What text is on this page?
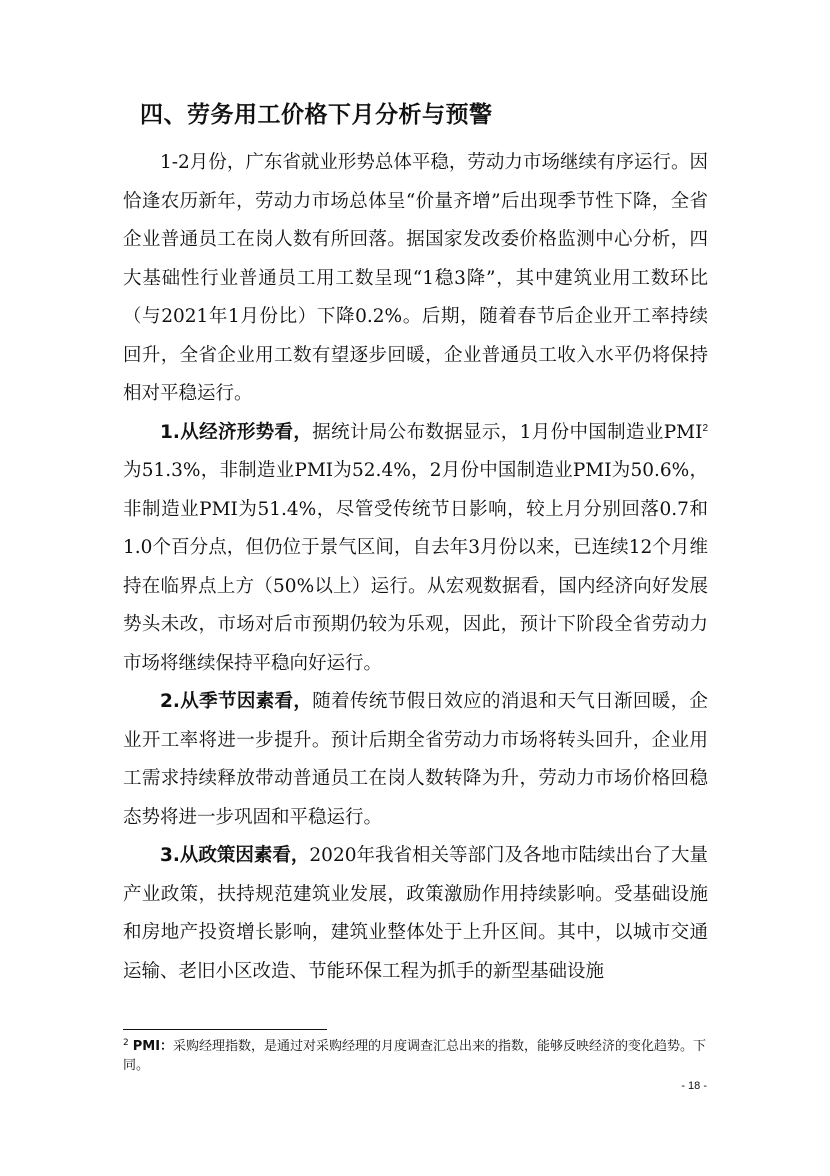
四、劳务用工价格下月分析与预警

1-2月份，广东省就业形势总体平稳，劳动力市场继续有序运行。因恰逢农历新年，劳动力市场总体呈“价量齐增”后出现季节性下降，全省企业普通员工在岗人数有所回落。据国家发改委价格监测中心分析，四大基础性行业普通员工用工数呈现“1稳3降”，其中建筑业用工数环比（与2021年1月份比）下降0.2%。后期，随着春节后企业开工率持续回升，全省企业用工数有望逐步回暖，企业普通员工收入水平仍将保持相对平稳运行。

1.从经济形势看，据统计局公布数据显示，1月份中国制造业PMI$^2$为51.3%，非制造业PMI为52.4%，2月份中国制造业PMI为50.6%，非制造业PMI为51.4%，尽管受传统节日影响，较上月分别回落0.7和1.0个百分点，但仍位于景气区间，自去年3月份以来，已连续12个月维持在临界点上方（50%以上）运行。从宏观数据看，国内经济向好发展势头未改，市场对后市预期仍较为乐观，因此，预计下阶段全省劳动力市场将继续保持平稳向好运行。

2.从季节因素看，随着传统节假日效应的消退和天气日渐回暖，企业开工率将进一步提升。预计后期全省劳动力市场将转头回升，企业用工需求持续释放带动普通员工在岗人数转降为升，劳动力市场价格回稳态势将进一步巩固和平稳运行。

3.从政策因素看，2020年我省相关等部门及各地市陆续出台了大量产业政策，扶持规范建筑业发展，政策激励作用持续影响。受基础设施和房地产投资增长影响，建筑业整体处于上升区间。其中，以城市交通运输、老旧小区改造、节能环保工程为抓手的新型基础设施

$^2$ PMI：采购经理指数，是通过对采购经理的月度调查汇总出来的指数，能够反映经济的变化趋势。下同。
- 18 -
